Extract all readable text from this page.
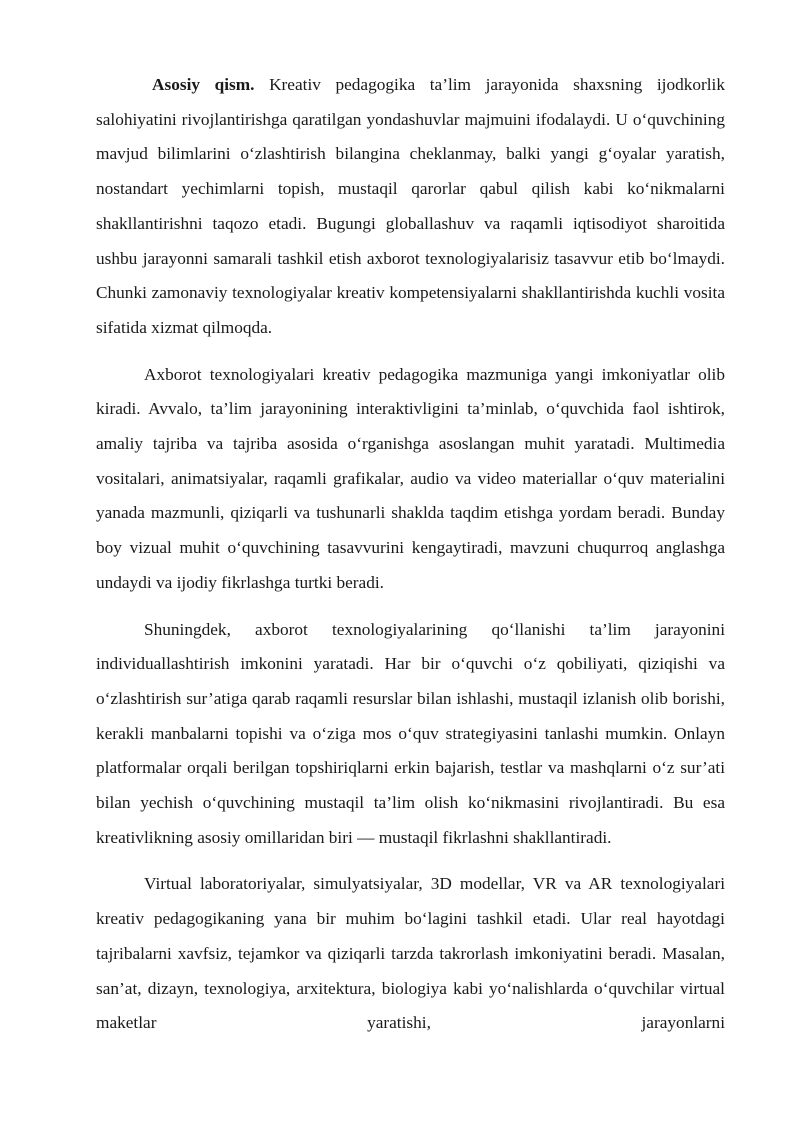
Asosiy qism. Kreativ pedagogika ta’lim jarayonida shaxsning ijodkorlik salohiyatini rivojlantirishga qaratilgan yondashuvlar majmuini ifodalaydi. U o‘quvchining mavjud bilimlarini o‘zlashtirish bilangina cheklanmay, balki yangi g‘oyalar yaratish, nostandart yechimlarni topish, mustaqil qarorlar qabul qilish kabi ko‘nikmalarni shakllantirishni taqozo etadi. Bugungi globallashuv va raqamli iqtisodiyot sharoitida ushbu jarayonni samarali tashkil etish axborot texnologiyalarisiz tasavvur etib bo‘lmaydi. Chunki zamonaviy texnologiyalar kreativ kompetensiyalarni shakllantirishda kuchli vosita sifatida xizmat qilmoqda.

Axborot texnologiyalari kreativ pedagogika mazmuniga yangi imkoniyatlar olib kiradi. Avvalo, ta’lim jarayonining interaktivligini ta’minlab, o‘quvchida faol ishtirok, amaliy tajriba va tajriba asosida o‘rganishga asoslangan muhit yaratadi. Multimedia vositalari, animatsiyalar, raqamli grafikalar, audio va video materiallar o‘quv materialini yanada mazmunli, qiziqarli va tushunarli shaklda taqdim etishga yordam beradi. Bunday boy vizual muhit o‘quvchining tasavvurini kengaytiradi, mavzuni chuqurroq anglashga undaydi va ijodiy fikrlashga turtki beradi.

Shuningdek, axborot texnologiyalarining qo‘llanishi ta’lim jarayonini individuallashtirish imkonini yaratadi. Har bir o‘quvchi o‘z qobiliyati, qiziqishi va o‘zlashtirish sur’atiga qarab raqamli resurslar bilan ishlashi, mustaqil izlanish olib borishi, kerakli manbalarni topishi va o‘ziga mos o‘quv strategiyasini tanlashi mumkin. Onlayn platformalar orqali berilgan topshiriqlarni erkin bajarish, testlar va mashqlarni o‘z sur’ati bilan yechish o‘quvchining mustaqil ta’lim olish ko‘nikmasini rivojlantiradi. Bu esa kreativlikning asosiy omillaridan biri — mustaqil fikrlashni shakllantiradi.

Virtual laboratoriyalar, simulyatsiyalar, 3D modellar, VR va AR texnologiyalari kreativ pedagogikaning yana bir muhim bo‘lagini tashkil etadi. Ular real hayotdagi tajribalarni xavfsiz, tejamkor va qiziqarli tarzda takrorlash imkoniyatini beradi. Masalan, san’at, dizayn, texnologiya, arxitektura, biologiya kabi yo‘nalishlarda o‘quvchilar virtual maketlar yaratishi, jarayonlarni
